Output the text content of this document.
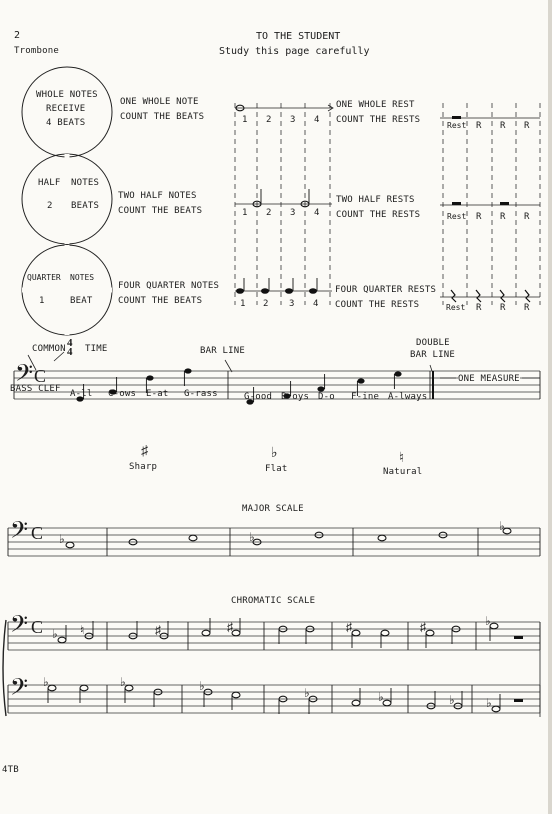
2
Trombone
TO THE STUDENT
Study this page carefully
WHOLE NOTES
RECEIVE
4 BEATS
HALF NOTES
2 BEATS
QUARTER NOTES
1	BEAT
ONE WHOLE NOTE
COUNT THE BEATS
ONE WHOLE REST
COUNT THE RESTS
TWO HALF NOTES
COUNT THE BEATS
TWO HALF RESTS
COUNT THE RESTS
FOUR QUARTER NOTES
COUNT THE BEATS
FOUR QUARTER RESTS
COUNT THE RESTS
1 2 3 4
1 2 3 4
1 2 3 4
Rest R R R
Rest R R R
Rest R R R
COMMON 4
4 TIME	BAR LINE
DOUBLE
BAR LINE
ONE MEASURE
𝄢 C
BASS CLEF A-ll C-ows E-at G-rass	G-ood B-oys D-o F-ine A-lways
♯
Sharp
♭
Flat
♮
Natural
MAJOR SCALE
CHROMATIC SCALE
𝄢 C
𝄢 C
𝄢
♭	♭
♭
♭ ♮	♯	♯	♯	♯	♭
♭	♭	♭	♭	♭	♭	♭
4TB
